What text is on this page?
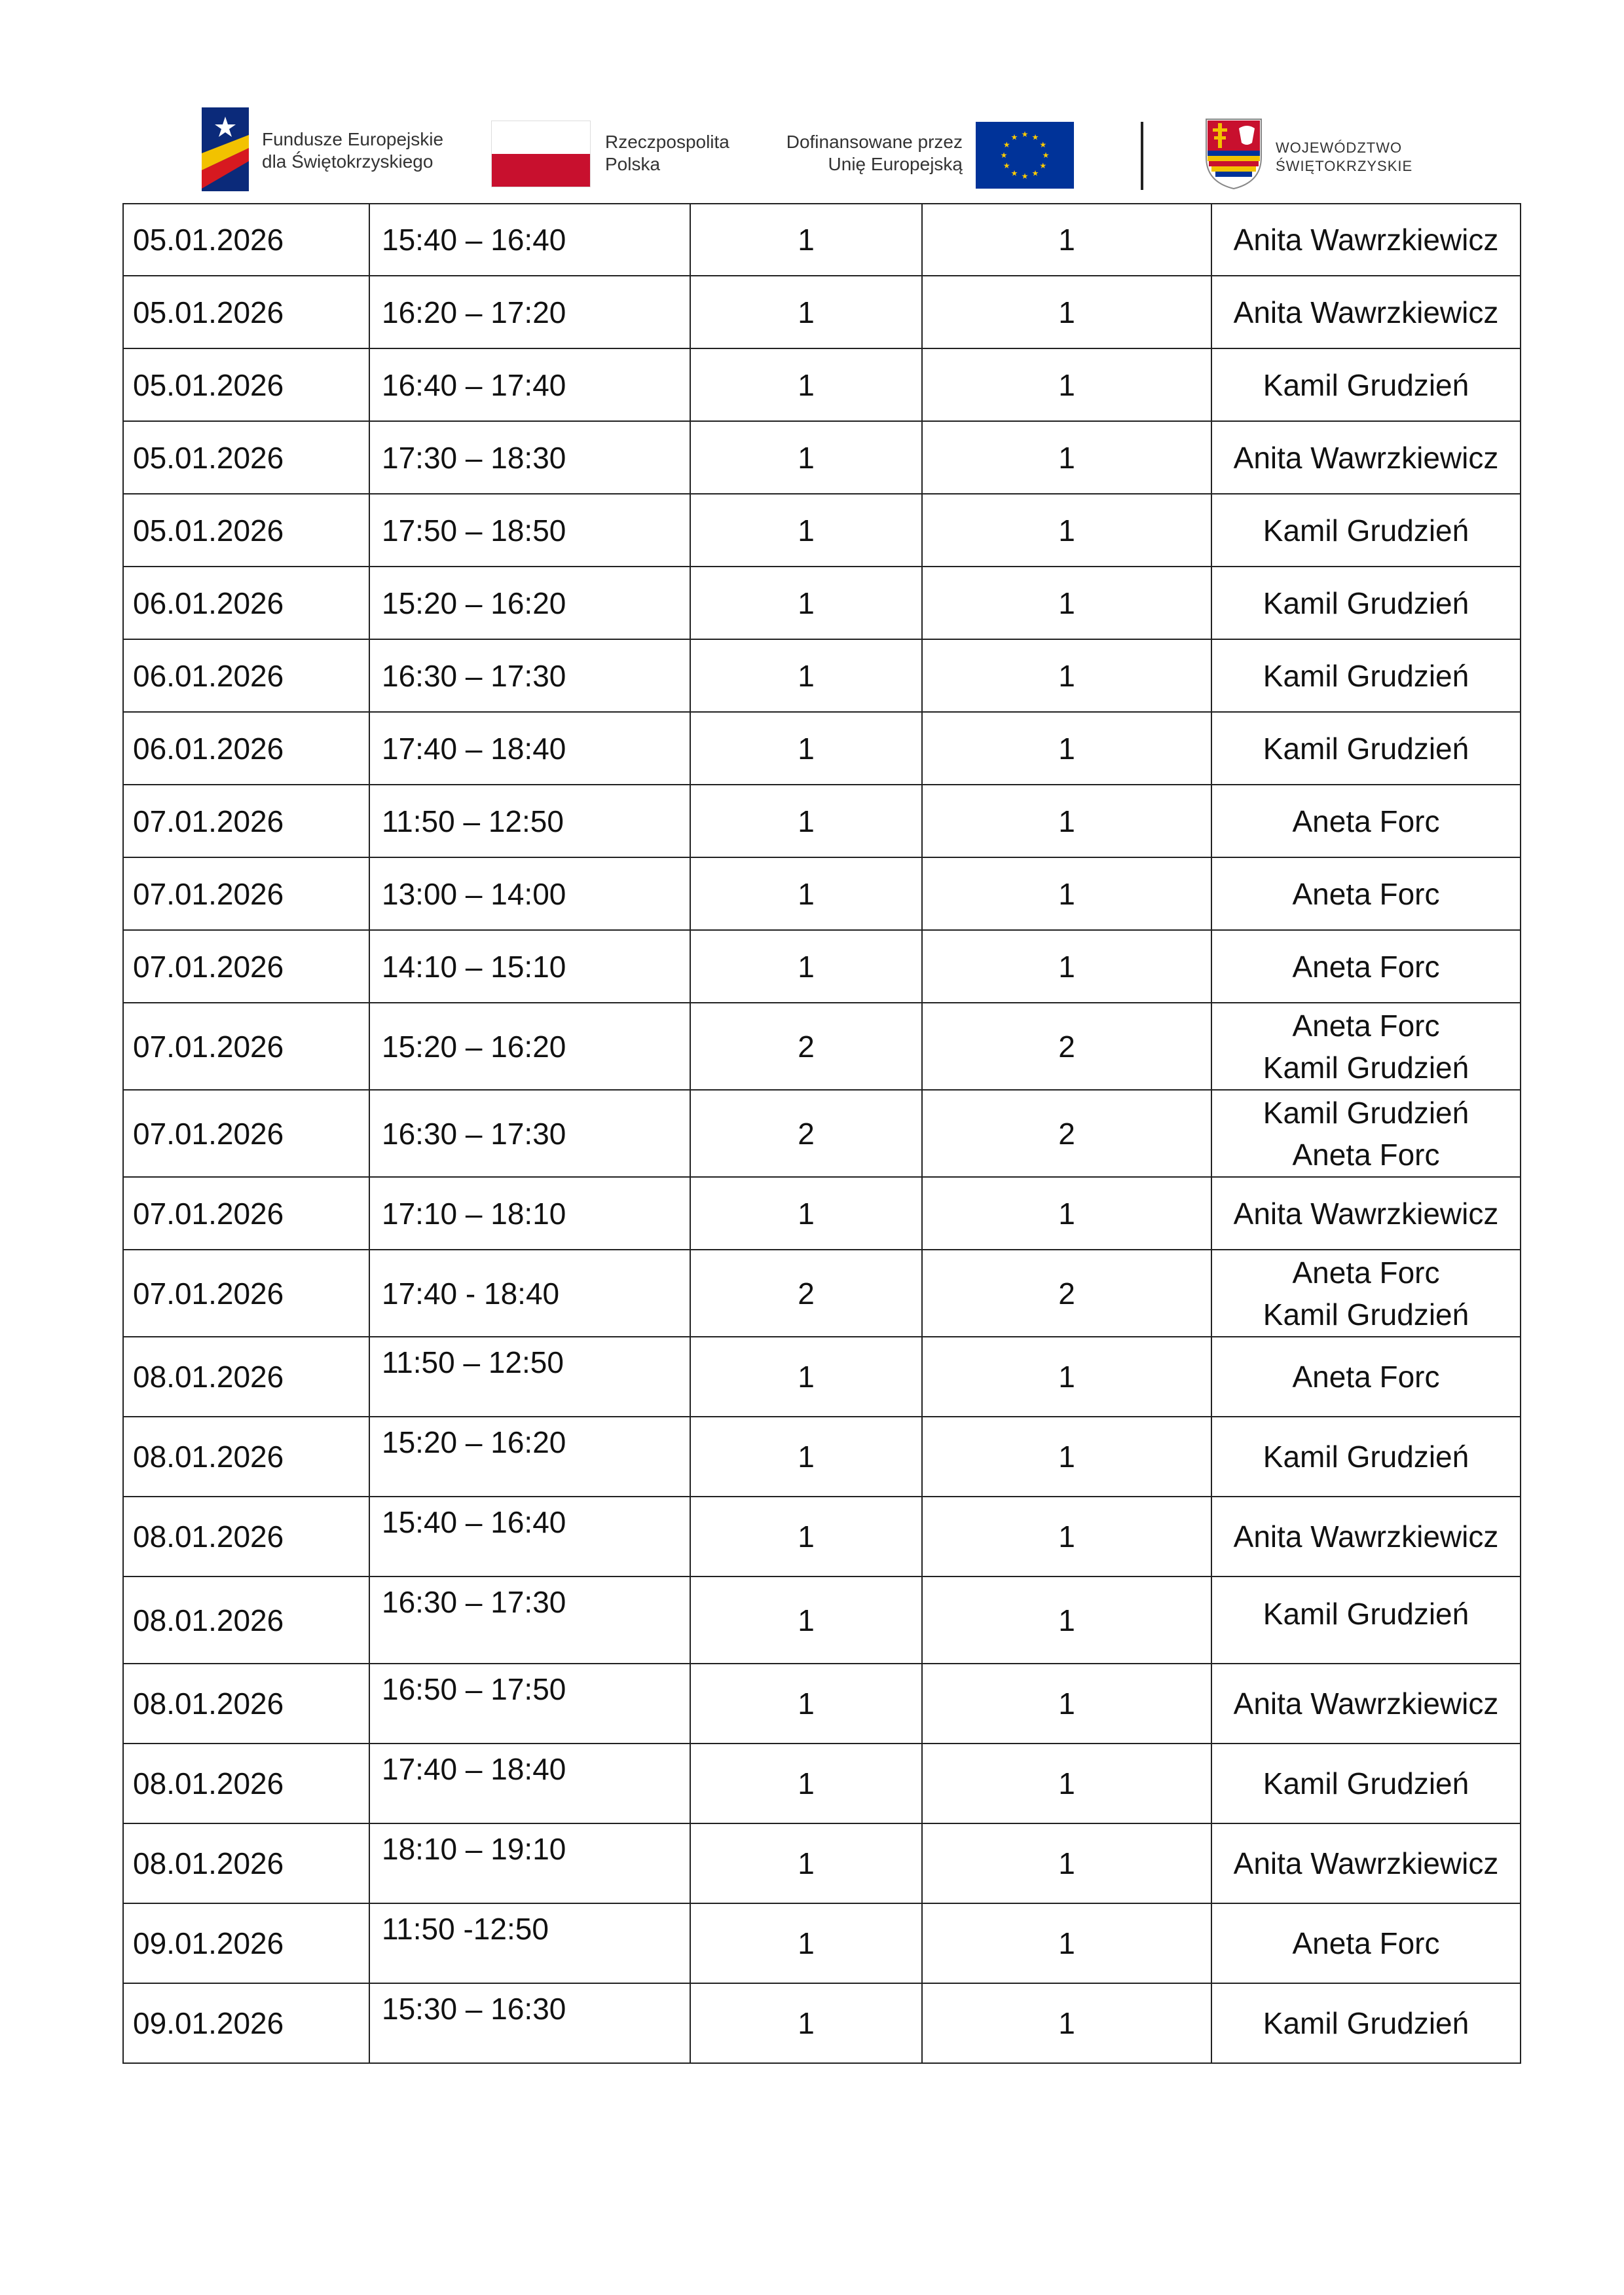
Fundusze Europejskie
dla Świętokrzyskiego
Rzeczpospolita
Polska
Dofinansowane przez
Unię Europejską
★ ★
★
★
★
★
★
★
★
★
★
★
WOJEWÓDZTWO
ŚWIĘTOKRZYSKIE
05.01.2026	15:40 – 16:40	1	1	Anita Wawrzkiewicz

05.01.2026	16:20 – 17:20	1	1	Anita Wawrzkiewicz

05.01.2026	16:40 – 17:40	1	1	Kamil Grudzień

05.01.2026	17:30 – 18:30	1	1	Anita Wawrzkiewicz

05.01.2026	17:50 – 18:50	1	1	Kamil Grudzień

06.01.2026	15:20 – 16:20	1	1	Kamil Grudzień

06.01.2026	16:30 – 17:30	1	1	Kamil Grudzień

06.01.2026	17:40 – 18:40	1	1	Kamil Grudzień

07.01.2026	11:50 – 12:50	1	1	Aneta Forc

07.01.2026	13:00 – 14:00	1	1	Aneta Forc

07.01.2026	14:10 – 15:10	1	1	Aneta Forc

07.01.2026	15:20 – 16:20	2	2	Aneta Forc
Kamil Grudzień

07.01.2026	16:30 – 17:30	2	2	Kamil Grudzień
Aneta Forc

07.01.2026	17:10 – 18:10	1	1	Anita Wawrzkiewicz

07.01.2026	17:40 - 18:40	2	2	Aneta Forc
Kamil Grudzień

08.01.2026	11:50 – 12:50	1	1	Aneta Forc

08.01.2026	15:20 – 16:20	1	1	Kamil Grudzień

08.01.2026	15:40 – 16:40	1	1	Anita Wawrzkiewicz

08.01.2026	16:30 – 17:30	1	1	Kamil Grudzień

08.01.2026	16:50 – 17:50	1	1	Anita Wawrzkiewicz

08.01.2026	17:40 – 18:40	1	1	Kamil Grudzień

08.01.2026	18:10 – 19:10	1	1	Anita Wawrzkiewicz

09.01.2026	11:50 -12:50	1	1	Aneta Forc

09.01.2026	15:30 – 16:30	1	1	Kamil Grudzień
